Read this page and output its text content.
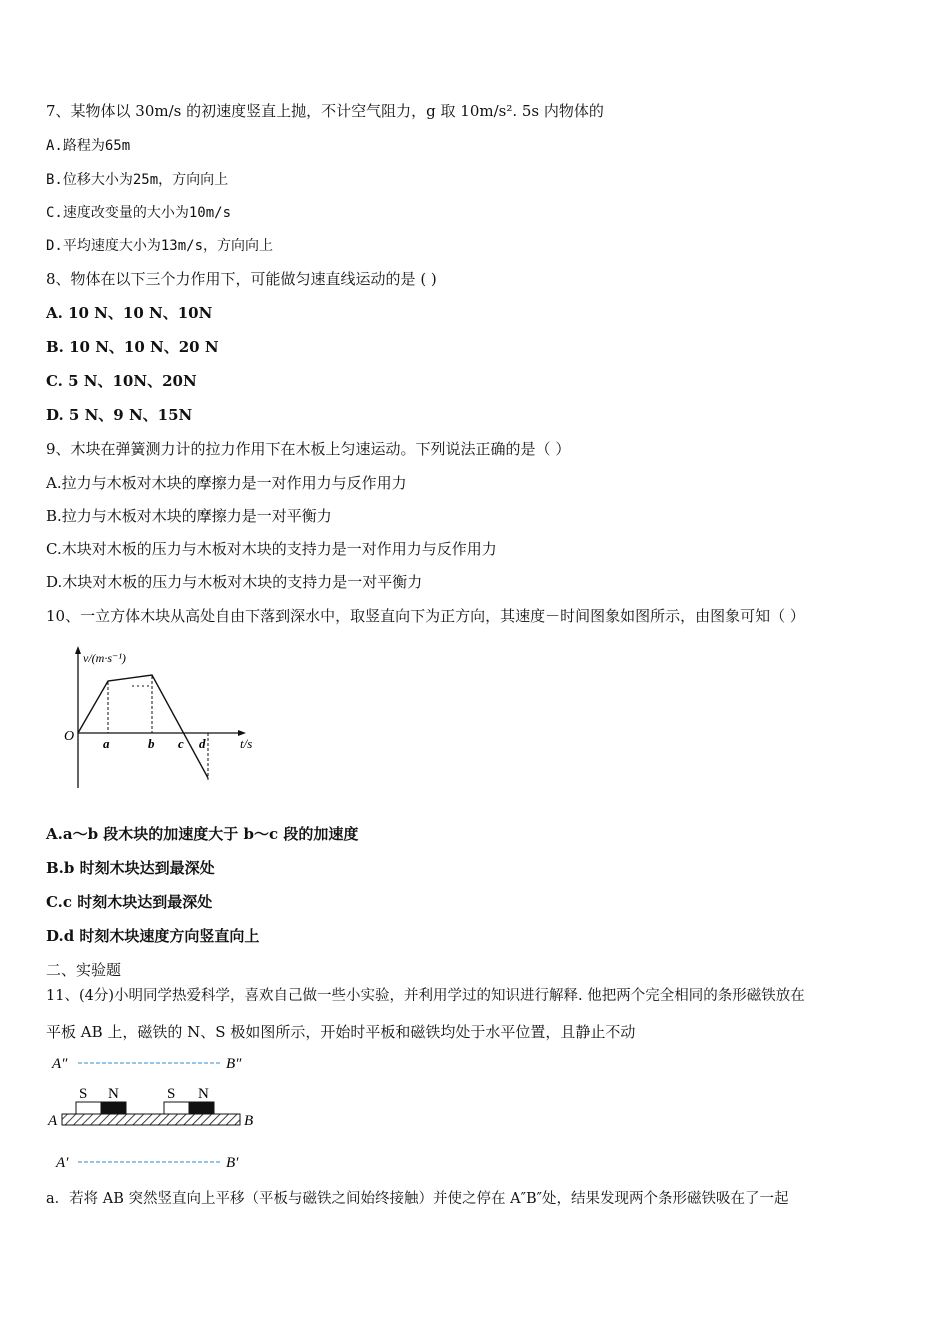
7、某物体以 30m/s 的初速度竖直上抛，不计空气阻力，g 取 10m/s². 5s 内物体的
A.路程为65m
B.位移大小为25m，方向向上
C.速度改变量的大小为10m/s
D.平均速度大小为13m/s，方向向上
8、物体在以下三个力作用下，可能做匀速直线运动的是 ( )
A. 10 N、10 N、10N
B. 10 N、10 N、20 N
C. 5 N、10N、20N
D. 5 N、9 N、15N
9、木块在弹簧测力计的拉力作用下在木板上匀速运动。下列说法正确的是（ ）
A.拉力与木板对木块的摩擦力是一对作用力与反作用力
B.拉力与木板对木块的摩擦力是一对平衡力
C.木块对木板的压力与木板对木块的支持力是一对作用力与反作用力
D.木块对木板的压力与木板对木块的支持力是一对平衡力
10、一立方体木块从高处自由下落到深水中，取竖直向下为正方向，其速度－时间图象如图所示，由图象可知（ ）
v/(m·s⁻¹)
O a	b c d	t/s
A.a～b 段木块的加速度大于 b～c 段的加速度
B.b 时刻木块达到最深处
C.c 时刻木块达到最深处
D.d 时刻木块速度方向竖直向上
二、实验题
11、(4分)小明同学热爱科学，喜欢自己做一些小实验，并利用学过的知识进行解释. 他把两个完全相同的条形磁铁放在
平板 AB 上，磁铁的 N、S 极如图所示，开始时平板和磁铁均处于水平位置，且静止不动
A″	B″
S N	S N
A	B
A′	B′
a．若将 AB 突然竖直向上平移（平板与磁铁之间始终接触）并使之停在 A″B″处，结果发现两个条形磁铁吸在了一起
